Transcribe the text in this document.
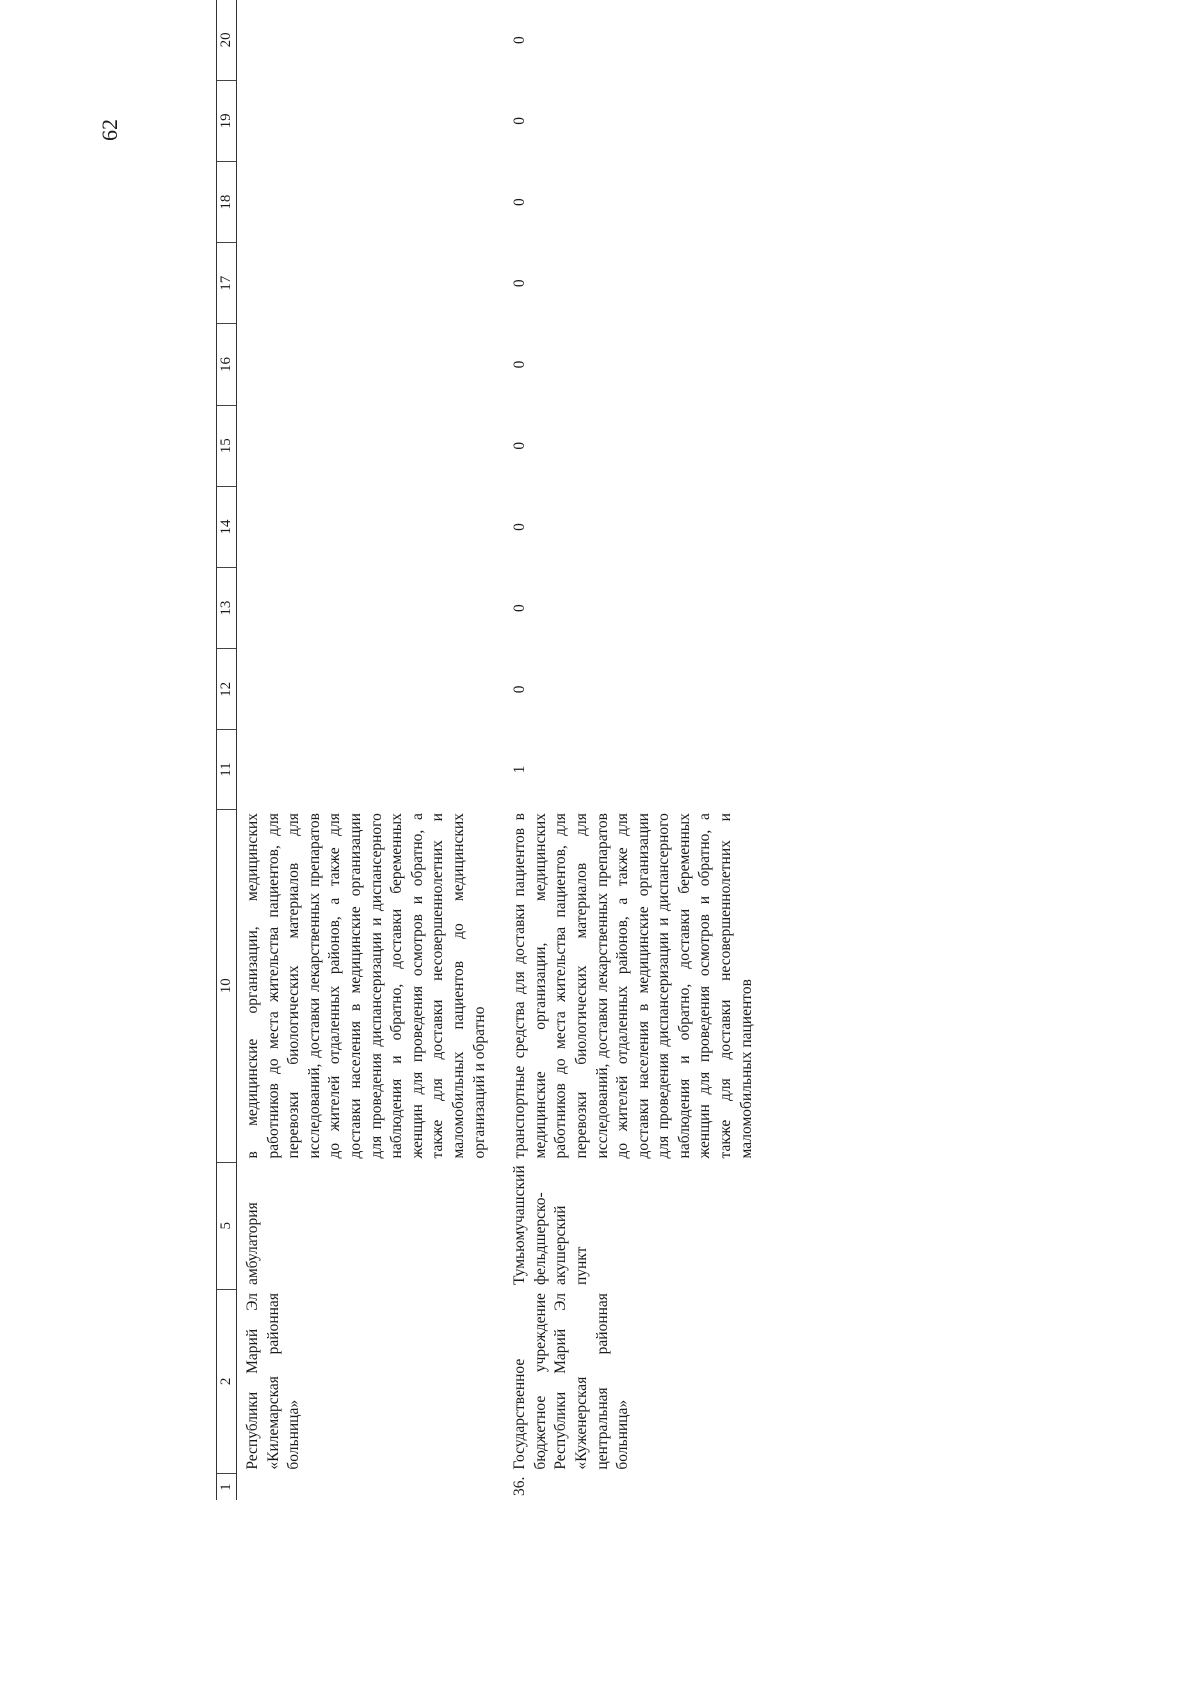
62
1	2	5	10	11	12	13	14	15	16	17	18	19	20
	Республики Марий Эл «Килемарская районная больница»	амбулатория	в медицинские организации, медицинских работников до места жительства пациентов, для перевозки биологических материалов для исследований, доставки лекарственных препаратов до жителей отдаленных районов, а также для доставки населения в медицинские организации для проведения диспансеризации и диспансерного наблюдения и обратно, доставки беременных женщин для проведения осмотров и обратно, а также для доставки несовершеннолетних и маломобильных пациентов до медицинских организаций и обратно										
36.	Государственное бюджетное учреждение Республики Марий Эл «Куженерская центральная районная больница»	Тумьюмучашский фельдшерско-акушерский пункт	транспортные средства для доставки пациентов в медицинские организации, медицинских работников до места жительства пациентов, для перевозки биологических материалов для исследований, доставки лекарственных препаратов до жителей отдаленных районов, а также для доставки населения в медицинские организации для проведения диспансеризации и диспансерного наблюдения и обратно, доставки беременных женщин для проведения осмотров и обратно, а также для доставки несовершеннолетних и маломобильных пациентов	1	0	0	0	0	0	0	0	0	0
